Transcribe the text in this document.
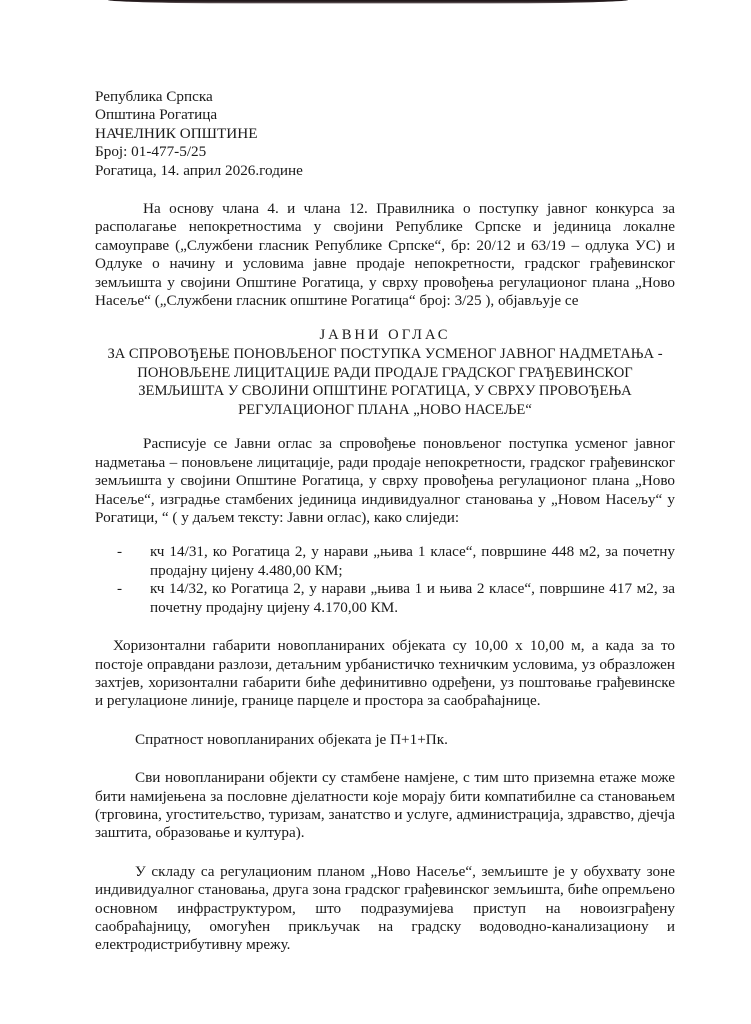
Република Српска
Општина Рогатица
НАЧЕЛНИК ОПШТИНЕ
Број: 01-477-5/25
Рогатица, 14. април 2026.године

На основу члана 4. и члана 12. Правилника о поступку јавног конкурса за располагање непокретностима у својини Републике Српске и јединица локалне самоуправе („Службени гласник Републике Српске“, бр: 20/12 и 63/19 – одлука УС) и Одлуке о начину и условима јавне продаје непокретности, градског грађевинског земљишта у својини Општине Рогатица, у сврху провођења регулационог плана „Ново Насеље“ („Службени гласник општине Рогатица“ број: 3/25 ), објављује се

ЈАВНИ ОГЛАС
ЗА СПРОВОЂЕЊЕ ПОНОВЉЕНОГ ПОСТУПКА УСМЕНОГ ЈАВНОГ НАДМЕТАЊА -
ПОНОВЉЕНЕ ЛИЦИТАЦИЈЕ РАДИ ПРОДАЈЕ ГРАДСКОГ ГРАЂЕВИНСКОГ
ЗЕМЉИШТА У СВОЈИНИ ОПШТИНЕ РОГАТИЦА, У СВРХУ ПРОВОЂЕЊА
РЕГУЛАЦИОНОГ ПЛАНА „НОВО НАСЕЉЕ“

Расписује се Јавни оглас за спровођење поновљеног поступка усменог јавног надметања – поновљене лицитације, ради продаје непокретности, градског грађевинског земљишта у својини Општине Рогатица, у сврху провођења регулационог плана „Ново Насеље“, изградње стамбених јединица индивидуалног становања у „Новом Насељу“ у Рогатици, “ ( у даљем тексту: Јавни оглас), како слиједи:

- кч 14/31, ко Рогатица 2, у нарави „њива 1 класе“, површине 448 м2, за почетну продајну цијену 4.480,00 КМ;
- кч 14/32, ко Рогатица 2, у нарави „њива 1 и њива 2 класе“, површине 417 м2, за почетну продајну цијену 4.170,00 КМ.

Хоризонтални габарити новопланираних објеката су 10,00 х 10,00 м, а када за то постоје оправдани разлози, детаљним урбанистичко техничким условима, уз образложен захтјев, хоризонтални габарити биће дефинитивно одређени, уз поштовање грађевинске и регулационе линије, границе парцеле и простора за саобраћајнице.

Спратност новопланираних објеката је П+1+Пк.

Сви новопланирани објекти су стамбене намјене, с тим што приземна етаже може бити намијењена за пословне дјелатности које морају бити компатибилне са становањем (трговина, угоститељство, туризам, занатство и услуге, администрација, здравство, дјечја заштита, образовање и култура).

У складу са регулационим планом „Ново Насеље“, земљиште је у обухвату зоне индивидуалног становања, друга зона градског грађевинског земљишта, биће опремљено основном инфраструктуром, што подразумијева приступ на новоизграђену саобраћајницу, омогућен прикључак на градску водоводно-канализациону и електродистрибутивну мрежу.
